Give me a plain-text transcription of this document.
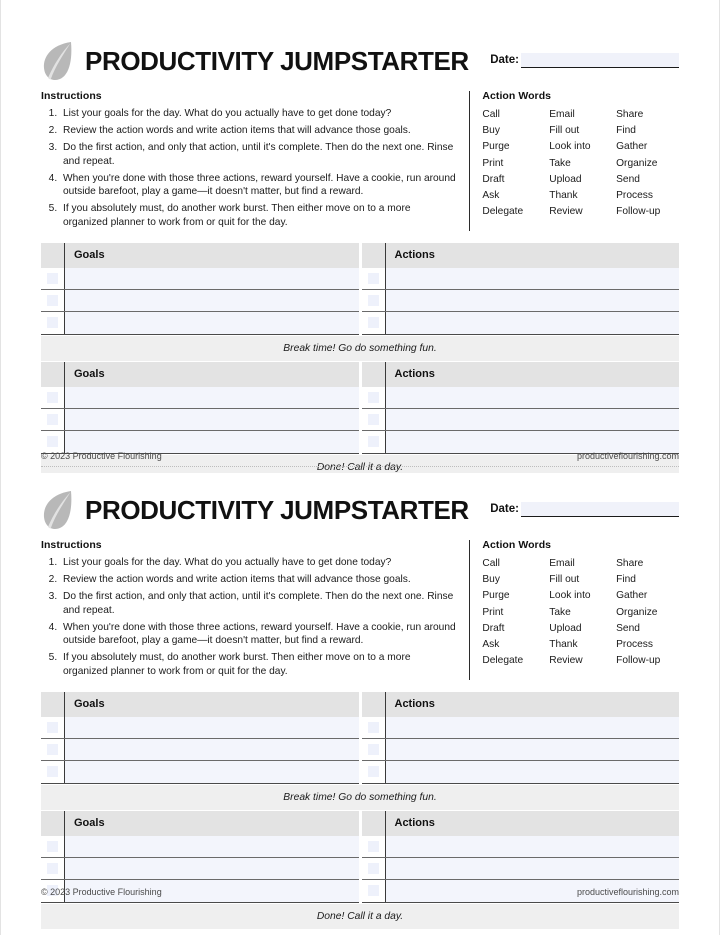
PRODUCTIVITY JUMPSTARTER Date:
Instructions
1. List your goals for the day. What do you actually have to get done today?
2. Review the action words and write action items that will advance those goals.
3. Do the first action, and only that action, until it's complete. Then do the next one. Rinse and repeat.
4. When you're done with those three actions, reward yourself. Have a cookie, run around outside barefoot, play a game—it doesn't matter, but find a reward.
5. If you absolutely must, do another work burst. Then either move on to a more organized planner to work from or quit for the day.
Action Words
Call	Email	Share
Buy	Fill out	Find
Purge	Look into	Gather
Print	Take	Organize
Draft	Upload	Send
Ask	Thank	Process
Delegate	Review	Follow-up
Goals	Actions
Break time! Go do something fun.
Goals	Actions
Done! Call it a day.
© 2023 Productive Flourishing	productiveflourishing.com
PRODUCTIVITY JUMPSTARTER Date:
Instructions
1. List your goals for the day. What do you actually have to get done today?
2. Review the action words and write action items that will advance those goals.
3. Do the first action, and only that action, until it's complete. Then do the next one. Rinse and repeat.
4. When you're done with those three actions, reward yourself. Have a cookie, run around outside barefoot, play a game—it doesn't matter, but find a reward.
5. If you absolutely must, do another work burst. Then either move on to a more organized planner to work from or quit for the day.
Action Words
Call	Email	Share
Buy	Fill out	Find
Purge	Look into	Gather
Print	Take	Organize
Draft	Upload	Send
Ask	Thank	Process
Delegate	Review	Follow-up
Goals	Actions
Break time! Go do something fun.
Goals	Actions
Done! Call it a day.
© 2023 Productive Flourishing	productiveflourishing.com
